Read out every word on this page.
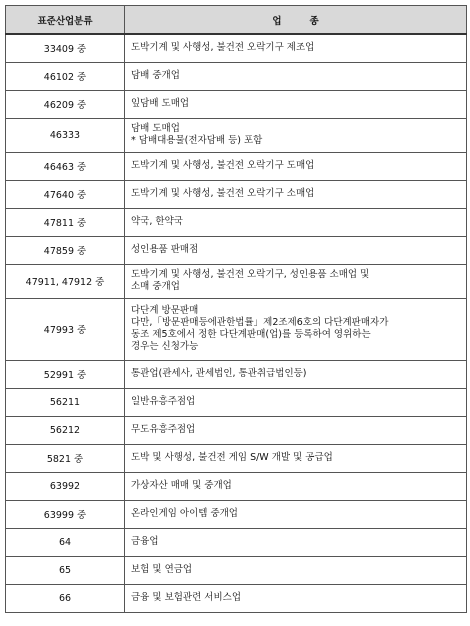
표준산업분류	업종
33409 중	도박기계 및 사행성, 불건전 오락기구 제조업

46102 중	담배 중개업

46209 중	잎담배 도매업

46333	담배 도매업
* 담배대용물(전자담배 등) 포함

46463 중	도박기계 및 사행성, 불건전 오락기구 도매업

47640 중	도박기계 및 사행성, 불건전 오락기구 소매업

47811 중	약국, 한약국

47859 중	성인용품 판매점

47911, 47912 중	도박기계 및 사행성, 불건전 오락기구, 성인용품 소매업 및
소매 중개업

47993 중	다단계 방문판매
다만,「방문판매등에관한법률」제2조제6호의 다단계판매자가
동조 제5호에서 정한 다단계판매(업)를 등록하여 영위하는
경우는 신청가능

52991 중	통관업(관세사, 관세법인, 통관취급법인등)

56211	일반유흥주점업

56212	무도유흥주점업

5821 중	도박 및 사행성, 불건전 게임 S/W 개발 및 공급업

63992	가상자산 매매 및 중개업

63999 중	온라인게임 아이템 중개업

64	금융업

65	보험 및 연금업

66	금융 및 보험관련 서비스업
